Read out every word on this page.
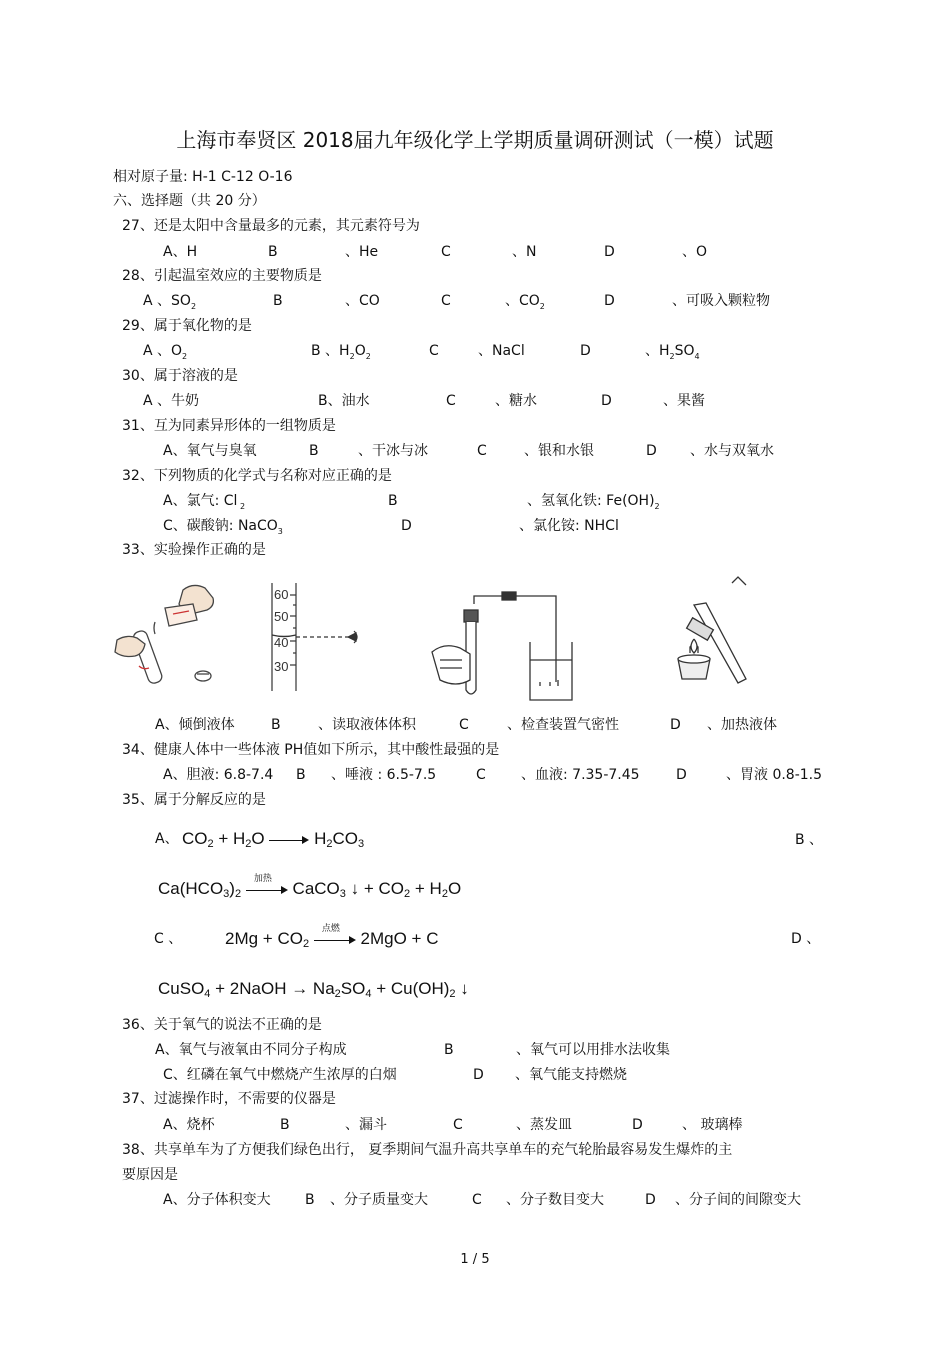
上海市奉贤区 2018届九年级化学上学期质量调研测试（一模）试题
相对原子量: H-1 C-12 O-16
六、选择题（共 20 分）
27、还是太阳中含量最多的元素，其元素符号为
A、H	B	、He	C	、N	D	、O
28、引起温室效应的主要物质是
A 、$SO_2$	B	、CO	C	、$CO_2$	D	、可吸入颗粒物
29、属于氧化物的是
A 、$O_2$	B 、$H_2O_2$	C	、NaCl	D	、$H_2SO_4$
30、属于溶液的是
A 、牛奶	B、油水	C	、糖水	D	、果酱
31、互为同素异形体的一组物质是
A、氧气与臭氧	B	、干冰与冰	C	、银和水银	D 、水与双氧水
32、下列物质的化学式与名称对应正确的是
A、氯气: Cl $_2$	B	、氢氧化铁: $Fe(OH)_2$
C、碳酸钠: NaCO$_3$	D	、氯化铵: NHCl
33、实验操作正确的是
60
50
40
30
A、倾倒液体	B	、读取液体体积	C	、检查装置气密性	D 、加热液体
34、健康人体中一些体液 PH值如下所示，其中酸性最强的是
A、胆液: 6.8-7.4 B 、唾液 : 6.5-7.5	C	、血液: 7.35-7.45	D	、胃液 0.8-1.5
35、属于分解反应的是
A、 $CO_2 + H_2O$  $H_2CO_3$	B 、
$Ca(HCO_3)_2$
加热
CaCO$_3$ ↓ + $CO_2 + H_2O$
C 、	$2Mg + CO_2$
点燃
2MgO + C	D 、
CuSO$_4$ + 2NaOH → $Na_2SO_4 + Cu(OH)_2$ ↓
36、关于氧气的说法不正确的是
A、氧气与液氧由不同分子构成	B	、氧气可以用排水法收集
C、红磷在氧气中燃烧产生浓厚的白烟	D 、氧气能支持燃烧
37、过滤操作时，不需要的仪器是
A、烧杯	B	、漏斗	C	、蒸发皿	D	、 玻璃棒
38、共享单车为了方便我们绿色出行， 夏季期间气温升高共享单车的充气轮胎最容易发生爆炸的主
要原因是
A、分子体积变大 B 、分子质量变大	C 、分子数目变大	D 、分子间的间隙变大
1 / 5
